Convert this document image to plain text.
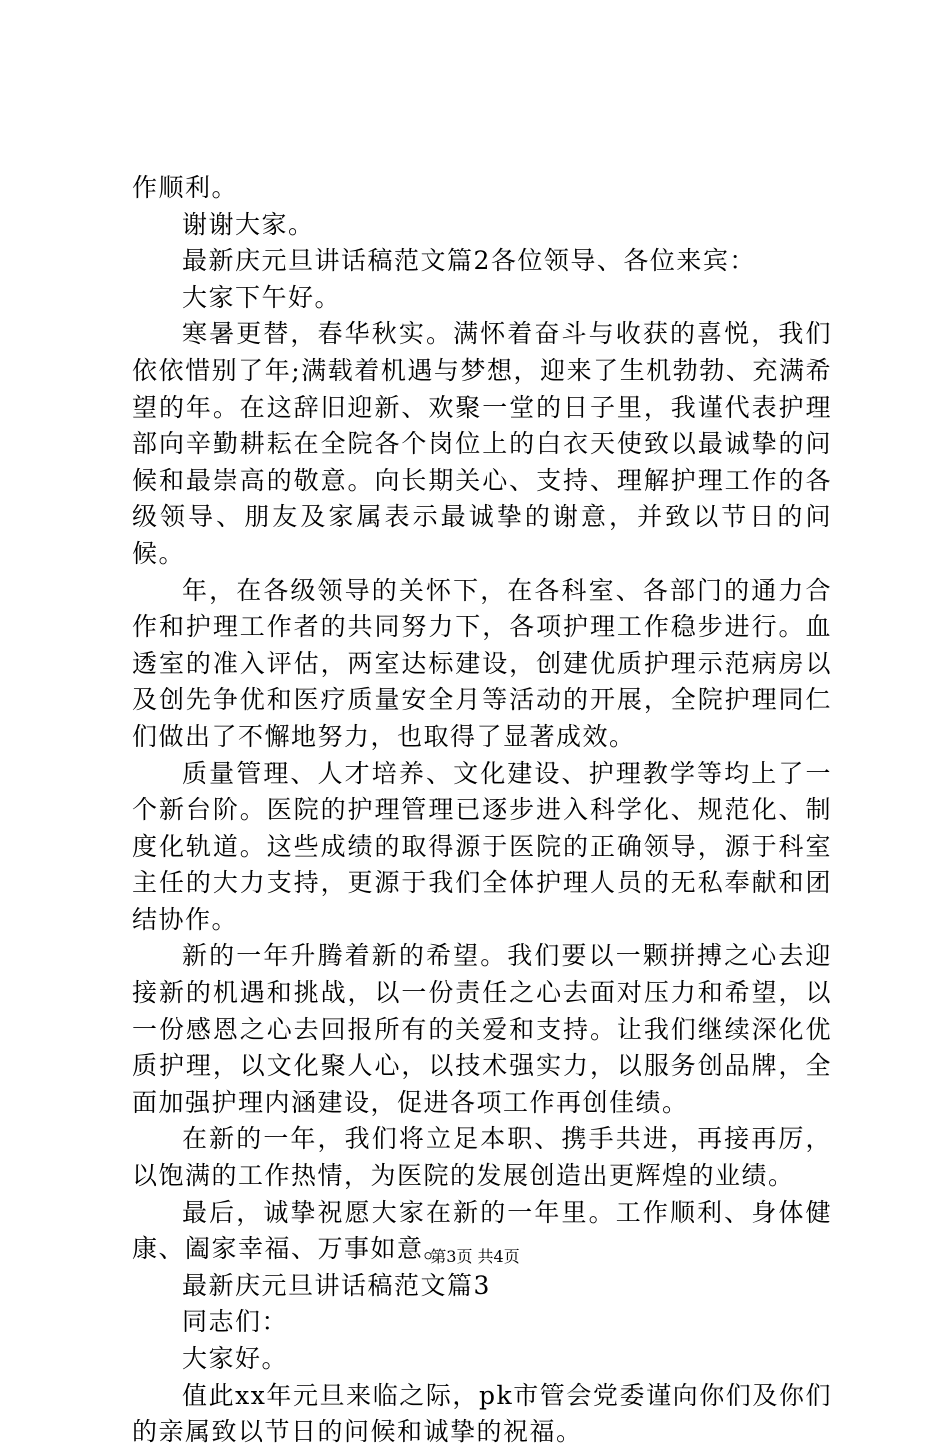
作顺利。

谢谢大家。

最新庆元旦讲话稿范文篇2各位领导、各位来宾：

大家下午好。

寒暑更替，春华秋实。满怀着奋斗与收获的喜悦，我们依依惜别了年;满载着机遇与梦想，迎来了生机勃勃、充满希望的年。在这辞旧迎新、欢聚一堂的日子里，我谨代表护理部向辛勤耕耘在全院各个岗位上的白衣天使致以最诚挚的问候和最崇高的敬意。向长期关心、支持、理解护理工作的各级领导、朋友及家属表示最诚挚的谢意，并致以节日的问候。

年，在各级领导的关怀下，在各科室、各部门的通力合作和护理工作者的共同努力下，各项护理工作稳步进行。血透室的准入评估，两室达标建设，创建优质护理示范病房以及创先争优和医疗质量安全月等活动的开展，全院护理同仁们做出了不懈地努力，也取得了显著成效。

质量管理、人才培养、文化建设、护理教学等均上了一个新台阶。医院的护理管理已逐步进入科学化、规范化、制度化轨道。这些成绩的取得源于医院的正确领导，源于科室主任的大力支持，更源于我们全体护理人员的无私奉献和团结协作。

新的一年升腾着新的希望。我们要以一颗拼搏之心去迎接新的机遇和挑战，以一份责任之心去面对压力和希望，以一份感恩之心去回报所有的关爱和支持。让我们继续深化优质护理，以文化聚人心，以技术强实力，以服务创品牌，全面加强护理内涵建设，促进各项工作再创佳绩。

在新的一年，我们将立足本职、携手共进，再接再厉，以饱满的工作热情，为医院的发展创造出更辉煌的业绩。

最后，诚挚祝愿大家在新的一年里。工作顺利、身体健康、阖家幸福、万事如意。

最新庆元旦讲话稿范文篇3

同志们：

大家好。

值此xx年元旦来临之际，pk市管会党委谨向你们及你们的亲属致以节日的问候和诚挚的祝福。

第3页 共4页
